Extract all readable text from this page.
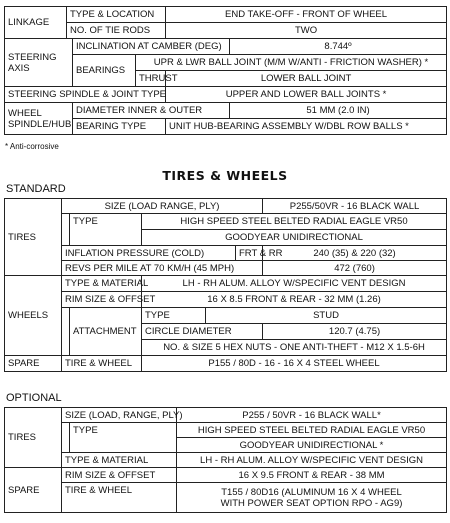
LINKAGE	TYPE & LOCATION			END TAKE-OFF - FRONT OF WHEEL	
	NO. OF TIE RODS			TWO	

STEERING
AXIS		INCLINATION AT CAMBER (DEG)			8.744º
		BEARINGS	UPR & LWR BALL JOINT (M/M W/ANTI - FRICTION WASHER) *		
			THRUST	LOWER BALL JOINT	
STEERING SPINDLE & JOINT TYPE				UPPER AND LOWER BALL JOINTS *	

WHEEL
SPINDLE/HUB		DIAMETER INNER & OUTER			51 MM (2.0 IN)
		BEARING TYPE		UNIT HUB-BEARING ASSEMBLY W/DBL ROW BALLS *	
* Anti-corrosive
TIRES & WHEELS
STANDARD
TIRES	SIZE (LOAD RANGE, PLY)					P255/50VR - 16 BLACK WALL
		TYPE	HIGH SPEED STEEL BELTED RADIAL EAGLE VR50			
			GOODYEAR UNIDIRECTIONAL			
	INFLATION PRESSURE (COLD)				FRT & RR	240 (35) & 220 (32)
	REVS PER MILE AT 70 KM/H (45 MPH)					472 (760)
WHEELS	TYPE & MATERIAL		LH - RH ALUM. ALLOY W/SPECIFIC VENT DESIGN			
	RIM SIZE & OFFSET		16 X 8.5 FRONT & REAR - 32 MM (1.26)			
		ATTACHMENT	TYPE	STUD		
			CIRCLE DIAMETER			120.7 (4.75)
			NO. & SIZE 5 HEX NUTS - ONE ANTI-THEFT - M12 X 1.5-6H			
SPARE	TIRE & WHEEL		P155 / 80D - 16 - 16 X 4 STEEL WHEEL			
OPTIONAL
TIRES	SIZE (LOAD, RANGE, PLY)		P255 / 50VR - 16 BLACK WALL*
		TYPE	HIGH SPEED STEEL BELTED RADIAL EAGLE VR50
			GOODYEAR UNIDIRECTIONAL *
	TYPE & MATERIAL		LH - RH ALUM. ALLOY W/SPECIFIC VENT DESIGN
SPARE	RIM SIZE & OFFSET		16 X 9.5 FRONT & REAR - 38 MM
	TIRE & WHEEL		T155 / 80D16 (ALUMINUM 16 X 4 WHEEL
WITH POWER SEAT OPTION RPO - AG9)
